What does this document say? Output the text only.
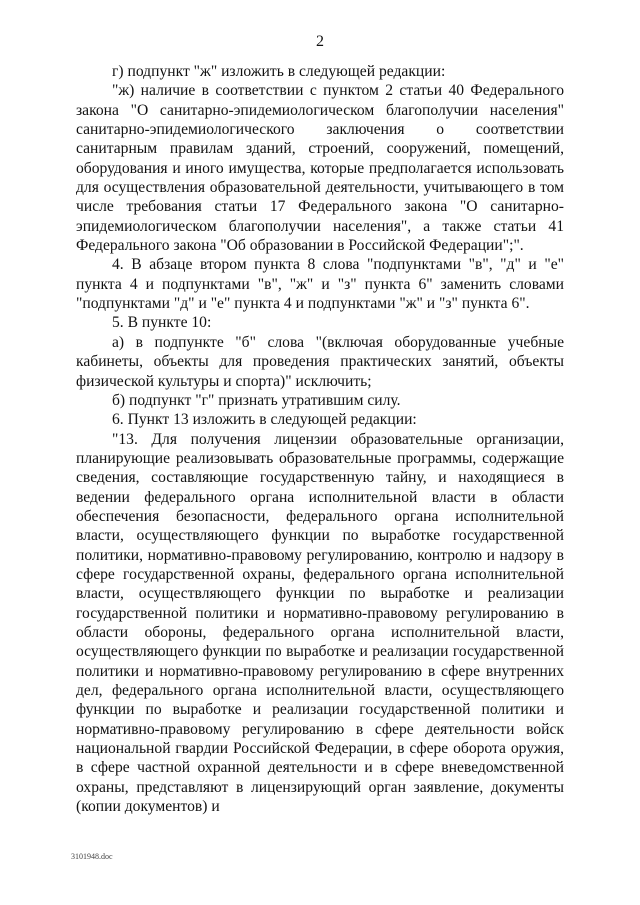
2

г) подпункт "ж" изложить в следующей редакции:

"ж) наличие в соответствии с пунктом 2 статьи 40 Федерального закона "О санитарно-эпидемиологическом благополучии населения" санитарно-эпидемиологического заключения о соответствии санитарным правилам зданий, строений, сооружений, помещений, оборудования и иного имущества, которые предполагается использовать для осуществления образовательной деятельности, учитывающего в том числе требования статьи 17 Федерального закона "О санитарно-эпидемиологическом благополучии населения", а также статьи 41 Федерального закона "Об образовании в Российской Федерации";".

4. В абзаце втором пункта 8 слова "подпунктами "в", "д" и "е" пункта 4 и подпунктами "в", "ж" и "з" пункта 6" заменить словами "подпунктами "д" и "е" пункта 4 и подпунктами "ж" и "з" пункта 6".

5. В пункте 10:

а) в подпункте "б" слова "(включая оборудованные учебные кабинеты, объекты для проведения практических занятий, объекты физической культуры и спорта)" исключить;

б) подпункт "г" признать утратившим силу.

6. Пункт 13 изложить в следующей редакции:

"13. Для получения лицензии образовательные организации, планирующие реализовывать образовательные программы, содержащие сведения, составляющие государственную тайну, и находящиеся в ведении федерального органа исполнительной власти в области обеспечения безопасности, федерального органа исполнительной власти, осуществляющего функции по выработке государственной политики, нормативно-правовому регулированию, контролю и надзору в сфере государственной охраны, федерального органа исполнительной власти, осуществляющего функции по выработке и реализации государственной политики и нормативно-правовому регулированию в области обороны, федерального органа исполнительной власти, осуществляющего функции по выработке и реализации государственной политики и нормативно-правовому регулированию в сфере внутренних дел, федерального органа исполнительной власти, осуществляющего функции по выработке и реализации государственной политики и нормативно-правовому регулированию в сфере деятельности войск национальной гвардии Российской Федерации, в сфере оборота оружия, в сфере частной охранной деятельности и в сфере вневедомственной охраны, представляют в лицензирующий орган заявление, документы (копии документов) и

3101948.doc
